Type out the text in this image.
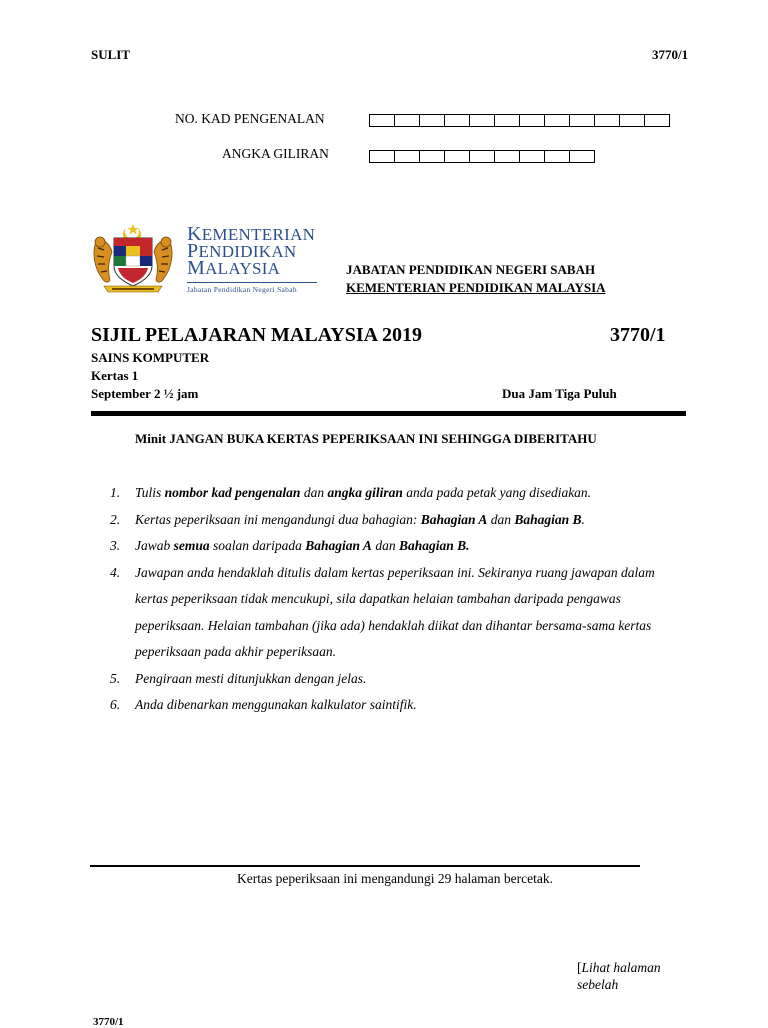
SULIT	3770/1
NO. KAD PENGENALAN
ANGKA GILIRAN
KEMENTERIAN
PENDIDIKAN
MALAYSIA
Jabatan Pendidikan Negeri Sabah
JABATAN PENDIDIKAN NEGERI SABAH
KEMENTERIAN PENDIDIKAN MALAYSIA
SIJIL PELAJARAN MALAYSIA 2019	3770/1
SAINS KOMPUTER
Kertas 1
September 2 ½ jam	Dua Jam Tiga Puluh
Minit JANGAN BUKA KERTAS PEPERIKSAAN INI SEHINGGA DIBERITAHU
1.	Tulis nombor kad pengenalan dan angka giliran anda pada petak yang disediakan.
2.	Kertas peperiksaan ini mengandungi dua bahagian: Bahagian A dan Bahagian B.
3.	Jawab semua soalan daripada Bahagian A dan Bahagian B.
4.	Jawapan anda hendaklah ditulis dalam kertas peperiksaan ini. Sekiranya ruang jawapan dalam kertas peperiksaan tidak mencukupi, sila dapatkan helaian tambahan daripada pengawas peperiksaan. Helaian tambahan (jika ada) hendaklah diikat dan dihantar bersama-sama kertas peperiksaan pada akhir peperiksaan.
5.	Pengiraan mesti ditunjukkan dengan jelas.
6.	Anda dibenarkan menggunakan kalkulator saintifik.
Kertas peperiksaan ini mengandungi 29 halaman bercetak.
[Lihat halaman sebelah
3770/1
